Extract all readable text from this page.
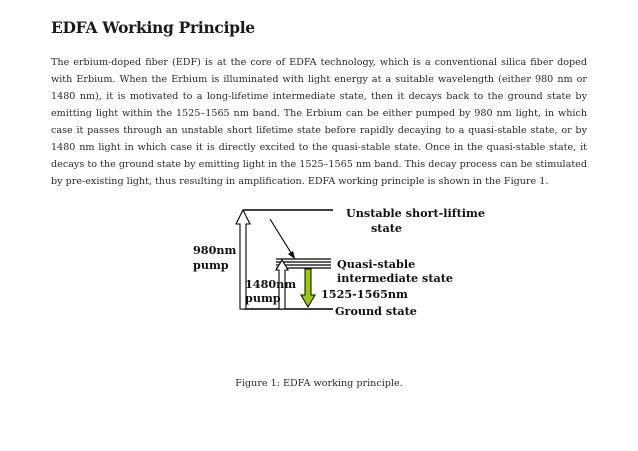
EDFA Working Principle

The erbium-doped fiber (EDF) is at the core of EDFA technology, which is a conventional silica fiber doped with Erbium. When the Erbium is illuminated with light energy at a suitable wavelength (either 980 nm or 1480 nm), it is motivated to a long-lifetime intermediate state, then it decays back to the ground state by emitting light within the 1525–1565 nm band. The Erbium can be either pumped by 980 nm light, in which case it passes through an unstable short lifetime state before rapidly decaying to a quasi-stable state, or by 1480 nm light in which case it is directly excited to the quasi-stable state. Once in the quasi-stable state, it decays to the ground state by emitting light in the 1525–1565 nm band. This decay process can be stimulated by pre-existing light, thus resulting in amplification. EDFA working principle is shown in the Figure 1.

Unstable short-liftime
state
980nm
pump
1480nm
pump
Quasi-stable
intermediate state
1525-1565nm
Ground state

Figure 1: EDFA working principle.
